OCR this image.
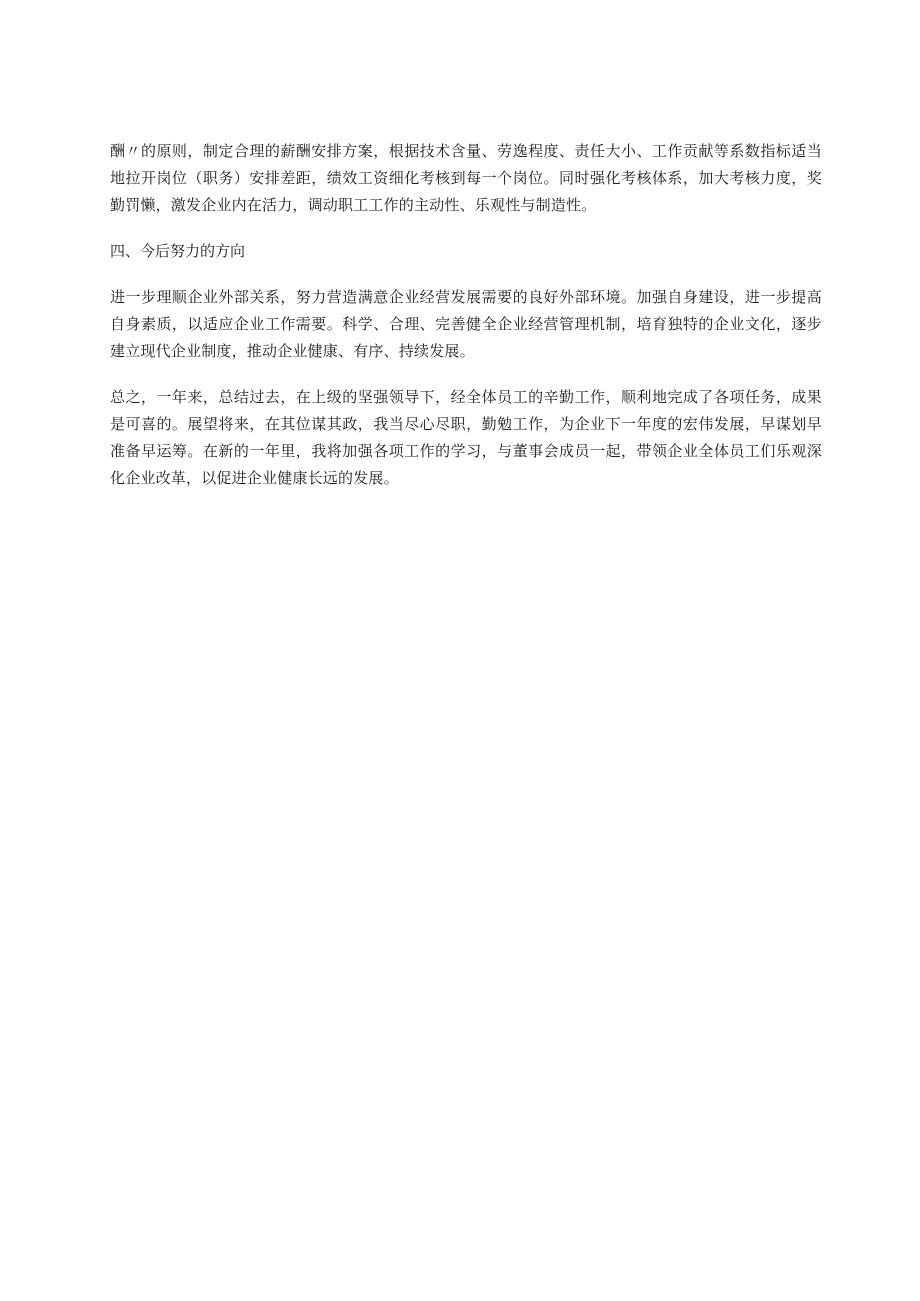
酬〃的原则，制定合理的薪酬安排方案，根据技术含量、劳逸程度、责任大小、工作贡献等系数指标适当地拉开岗位（职务）安排差距，绩效工资细化考核到每一个岗位。同时强化考核体系，加大考核力度，奖勤罚懒，激发企业内在活力，调动职工工作的主动性、乐观性与制造性。

四、今后努力的方向

进一步理顺企业外部关系，努力营造满意企业经营发展需要的良好外部环境。加强自身建设，进一步提高自身素质，以适应企业工作需要。科学、合理、完善健全企业经营管理机制，培育独特的企业文化，逐步建立现代企业制度，推动企业健康、有序、持续发展。

总之，一年来，总结过去，在上级的坚强领导下，经全体员工的辛勤工作，顺利地完成了各项任务，成果是可喜的。展望将来，在其位谋其政，我当尽心尽职，勤勉工作，为企业下一年度的宏伟发展，早谋划早准备早运筹。在新的一年里，我将加强各项工作的学习，与董事会成员一起，带领企业全体员工们乐观深化企业改革，以促进企业健康长远的发展。
